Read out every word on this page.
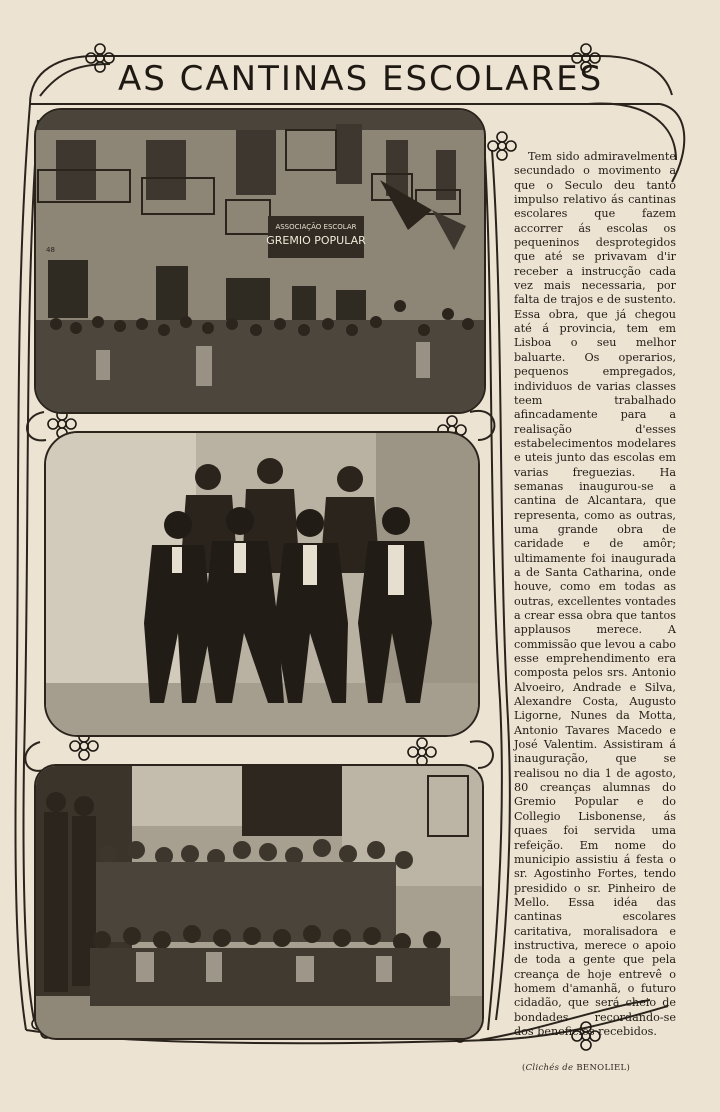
AS CANTINAS ESCOLARES
ASSOCIAÇÃO ESCOLAR
GREMIO POPULAR
48

Tem sido admiravelmente secundado o movimento a que o Seculo deu tanto impulso relativo ás cantinas escolares que fazem accorrer ás escolas os pequeninos desprotegidos que até se privavam d'ir receber a instrucção cada vez mais necessaria, por falta de trajos e de sustento. Essa obra, que já chegou até á provincia, tem em Lisboa o seu melhor baluarte. Os operarios, pequenos empregados, individuos de varias classes teem trabalhado afincadamente para a realisação d'esses estabelecimentos modelares e uteis junto das escolas em varias freguezias. Ha semanas inaugurou-se a cantina de Alcantara, que representa, como as outras, uma grande obra de caridade e de amôr; ultimamente foi inaugurada a de Santa Catharina, onde houve, como em todas as outras, excellentes vontades a crear essa obra que tantos applausos merece. A commissão que levou a cabo esse emprehendimento era composta pelos srs. Antonio Alvoeiro, Andrade e Silva, Alexandre Costa, Augusto Ligorne, Nunes da Motta, Antonio Tavares Macedo e José Valentim. Assistiram á inauguração, que se realisou no dia 1 de agosto, 80 creanças alumnas do Gremio Popular e do Collegio Lisbonense, ás quaes foi servida uma refeição. Em nome do municipio assistiu á festa o sr. Agostinho Fortes, tendo presidido o sr. Pinheiro de Mello. Essa idéa das cantinas escolares caritativa, moralisadora e instructiva, merece o apoio de toda a gente que pela creança de hoje entrevê o homem d'amanhã, o futuro cidadão, que será cheio de bondades recordando-se dos beneficios recebidos.

(Clichés de BENOLIEL)
